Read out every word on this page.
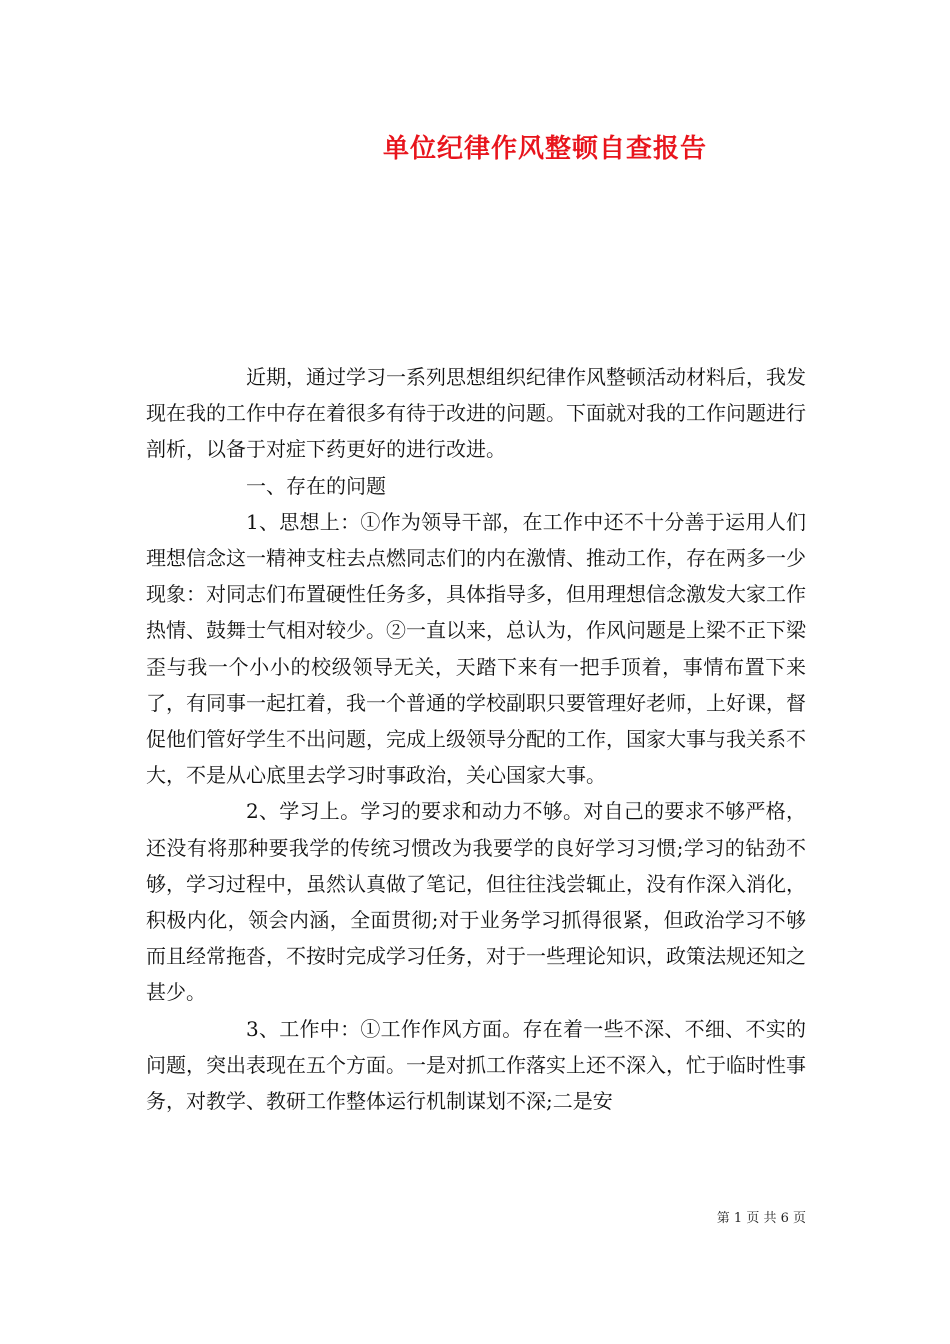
单位纪律作风整顿自查报告

近期，通过学习一系列思想组织纪律作风整顿活动材料后，我发现在我的工作中存在着很多有待于改进的问题。下面就对我的工作问题进行剖析，以备于对症下药更好的进行改进。

一、存在的问题

1、思想上：①作为领导干部，在工作中还不十分善于运用人们理想信念这一精神支柱去点燃同志们的内在激情、推动工作，存在两多一少现象：对同志们布置硬性任务多，具体指导多，但用理想信念激发大家工作热情、鼓舞士气相对较少。②一直以来，总认为，作风问题是上梁不正下梁歪与我一个小小的校级领导无关，天踏下来有一把手顶着，事情布置下来了，有同事一起扛着，我一个普通的学校副职只要管理好老师，上好课，督促他们管好学生不出问题，完成上级领导分配的工作，国家大事与我关系不大，不是从心底里去学习时事政治，关心国家大事。

2、学习上。学习的要求和动力不够。对自己的要求不够严格，还没有将那种要我学的传统习惯改为我要学的良好学习习惯;学习的钻劲不够，学习过程中，虽然认真做了笔记，但往往浅尝辄止，没有作深入消化，积极内化，领会内涵，全面贯彻;对于业务学习抓得很紧，但政治学习不够而且经常拖沓，不按时完成学习任务，对于一些理论知识，政策法规还知之甚少。

3、工作中：①工作作风方面。存在着一些不深、不细、不实的问题，突出表现在五个方面。一是对抓工作落实上还不深入，忙于临时性事务，对教学、教研工作整体运行机制谋划不深;二是安

第 1 页 共 6 页
